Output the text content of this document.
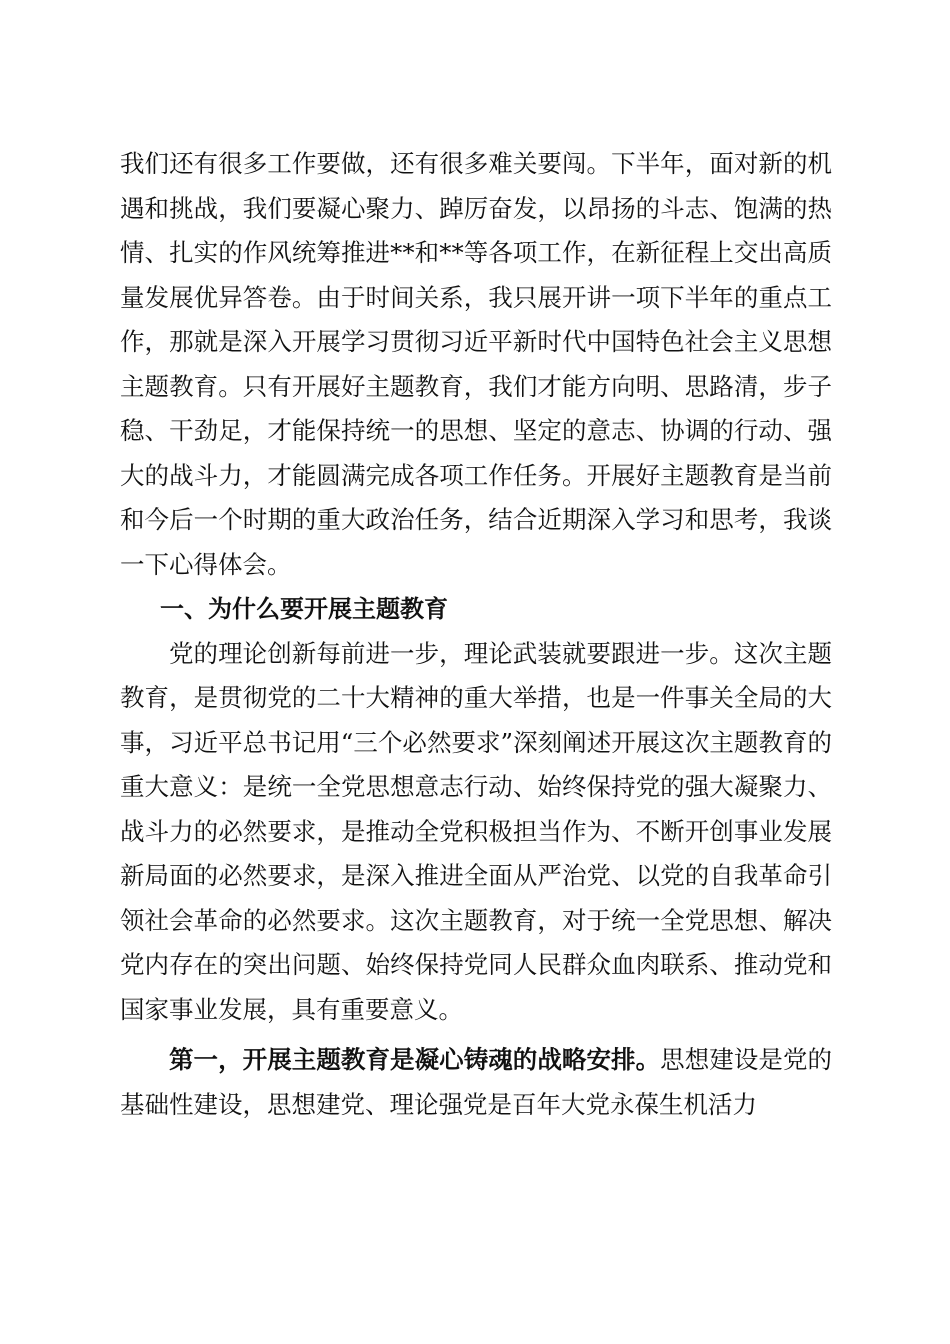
我们还有很多工作要做，还有很多难关要闯。下半年，面对新的机遇和挑战，我们要凝心聚力、踔厉奋发，以昂扬的斗志、饱满的热情、扎实的作风统筹推进**和**等各项工作，在新征程上交出高质量发展优异答卷。由于时间关系，我只展开讲一项下半年的重点工作，那就是深入开展学习贯彻习近平新时代中国特色社会主义思想主题教育。只有开展好主题教育，我们才能方向明、思路清，步子稳、干劲足，才能保持统一的思想、坚定的意志、协调的行动、强大的战斗力，才能圆满完成各项工作任务。开展好主题教育是当前和今后一个时期的重大政治任务，结合近期深入学习和思考，我谈一下心得体会。

一、为什么要开展主题教育

党的理论创新每前进一步，理论武装就要跟进一步。这次主题教育，是贯彻党的二十大精神的重大举措，也是一件事关全局的大事，习近平总书记用“三个必然要求”深刻阐述开展这次主题教育的重大意义：是统一全党思想意志行动、始终保持党的强大凝聚力、战斗力的必然要求，是推动全党积极担当作为、不断开创事业发展新局面的必然要求，是深入推进全面从严治党、以党的自我革命引领社会革命的必然要求。这次主题教育，对于统一全党思想、解决党内存在的突出问题、始终保持党同人民群众血肉联系、推动党和国家事业发展，具有重要意义。

第一，开展主题教育是凝心铸魂的战略安排。思想建设是党的基础性建设，思想建党、理论强党是百年大党永葆生机活力
